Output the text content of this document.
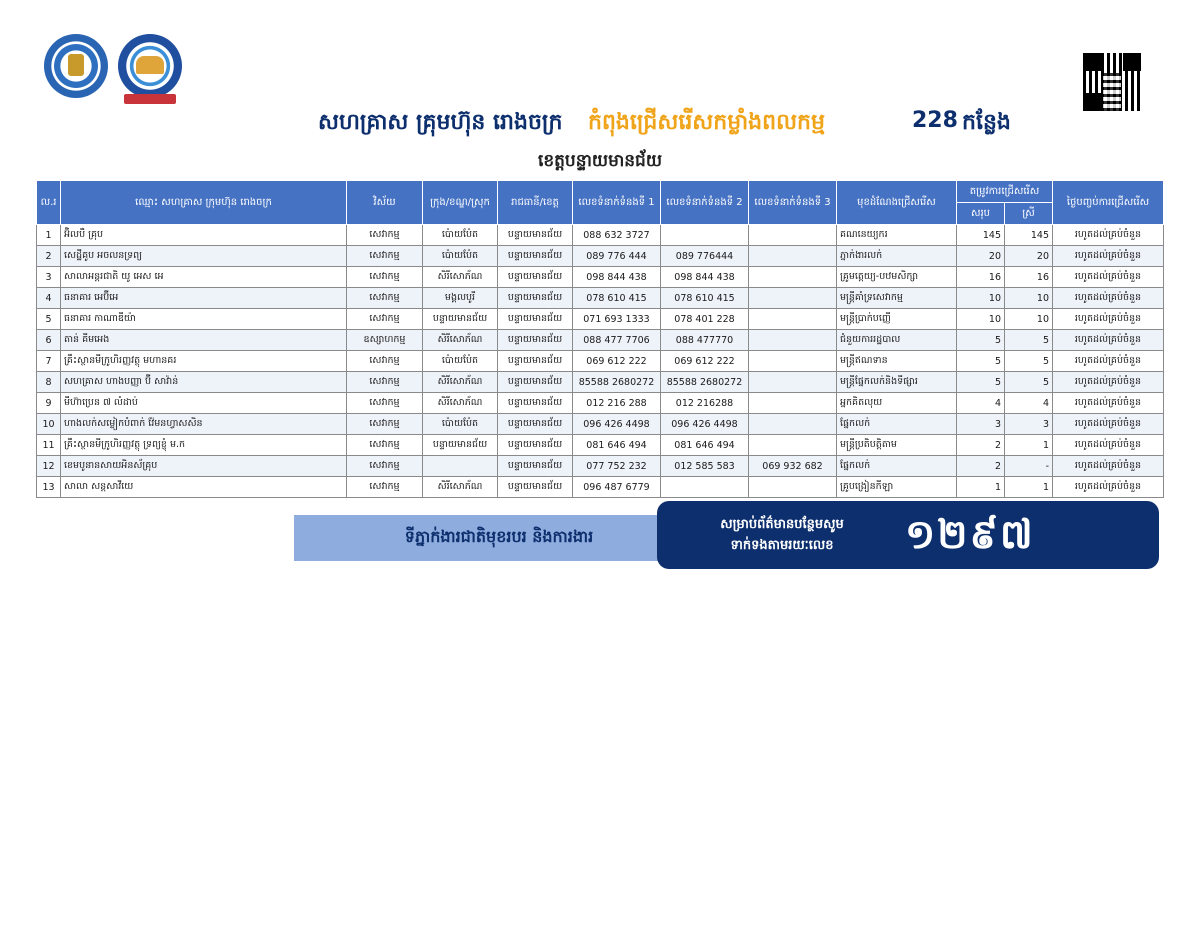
សហគ្រាស គ្រុមហ៊ុន រោងចក្រ កំពុងជ្រើសរើសកម្លាំងពលកម្ម	228 កន្លែង
ខេត្តបន្ទាយមានជ័យ
ល.រ	ឈ្មោះ សហគ្រាស ក្រុមហ៊ុន រោងចក្រ	វិស័យ	ក្រុង/ខណ្ឌ/ស្រុក	រាជធានី/ខេត្ត	លេខទំនាក់ទំនងទី 1	លេខទំនាក់ទំនងទី 2	លេខទំនាក់ទំនងទី 3	មុខដំណែងជ្រើសរើស	តម្រូវការជ្រើសរើស		ថ្ងៃបញ្ចប់ការជ្រើសរើស
									សរុប	ស្រី	
1	អ៊ិលបឺ គ្រុប	សេវាកម្ម	ប៉ោយប៉ែត	បន្ទាយមានជ័យ	088 632 3727			គណនេយ្យករ	145	145	រហូតដល់គ្រប់ចំនួន
2	សេដ្ឋីគូប អចលនទ្រព្យ	សេវាកម្ម	ប៉ោយប៉ែត	បន្ទាយមានជ័យ	089 776 444	089 776444		ភ្នាក់ងារលក់	20	20	រហូតដល់គ្រប់ចំនួន
3	សាលាអន្តរជាតិ យូ អេស អេ	សេវាកម្ម	សិរីសោភ័ណ	បន្ទាយមានជ័យ	098 844 438	098 844 438		គ្រូមត្តេយ្យ-បឋមសិក្សា	16	16	រហូតដល់គ្រប់ចំនួន
4	ធនាគារ អេប៊ីអេ	សេវាកម្ម	មង្គលបូរី	បន្ទាយមានជ័យ	078 610 415	078 610 415		មន្ត្រីគាំទ្រសេវាកម្ម	10	10	រហូតដល់គ្រប់ចំនួន
5	ធនាគារ កាណាឌីយ៉ា	សេវាកម្ម	បន្ទាយមានជ័យ	បន្ទាយមានជ័យ	071 693 1333	078 401 228		មន្ត្រីប្រាក់បញ្ញើ	10	10	រហូតដល់គ្រប់ចំនួន
6	តាន់ គីមអេង	ឧស្សាហកម្ម	សិរីសោភ័ណ	បន្ទាយមានជ័យ	088 477 7706	088 477770		ជំនួយការរដ្ឋបាល	5	5	រហូតដល់គ្រប់ចំនួន
7	គ្រឹះស្ថានមីក្រូហិរញ្ញវត្ថុ មហានគរ	សេវាកម្ម	ប៉ោយប៉ែត	បន្ទាយមានជ័យ	069 612 222	069 612 222		មន្ត្រីឥណទាន	5	5	រហូតដល់គ្រប់ចំនួន
8	សហគ្រាស ហាងបញ្ញា ប៊ី សាវ៉ាន់	សេវាកម្ម	សិរីសោភ័ណ	បន្ទាយមានជ័យ	85588 2680272	85588 2680272		មន្ត្រីផ្នែកលក់និងទីផ្សារ	5	5	រហូតដល់គ្រប់ចំនួន
9	មីហ៊ាប្រេន ៧ លំដាប់	សេវាកម្ម	សិរីសោភ័ណ	បន្ទាយមានជ័យ	012 216 288	012 216288		អ្នកគិតលុយ	4	4	រហូតដល់គ្រប់ចំនួន
10	ហាងលក់សម្លៀកបំពាក់ វ៉ែមនហ្វាសសិន	សេវាកម្ម	ប៉ោយប៉ែត	បន្ទាយមានជ័យ	096 426 4498	096 426 4498		ផ្នែកលក់	3	3	រហូតដល់គ្រប់ចំនួន
11	គ្រឹះស្ថានមីក្រូហិរញ្ញវត្ថុ ទ្រព្យខ្ញុំ ម.ក	សេវាកម្ម	បន្ទាយមានជ័យ	បន្ទាយមានជ័យ	081 646 494	081 646 494		មន្ត្រីប្រតិបត្តិតាម	2	1	រហូតដល់គ្រប់ចំនួន
12	ខេមបូនានសាយអិនស័គ្រុប	សេវាកម្ម		បន្ទាយមានជ័យ	077 752 232	012 585 583	069 932 682	ផ្នែកលក់	2	-	រហូតដល់គ្រប់ចំនួន
13	សាលា សន្តសាវីយេ	សេវាកម្ម	សិរីសោភ័ណ	បន្ទាយមានជ័យ	096 487 6779			គ្រូបង្រៀនកីឡា	1	1	រហូតដល់គ្រប់ចំនួន
ទីភ្នាក់ងារជាតិមុខរបរ និងការងារ
សម្រាប់ព័ត៌មានបន្ថែមសូម
ទាក់ទងតាមរយៈលេខ	១២៩៧
